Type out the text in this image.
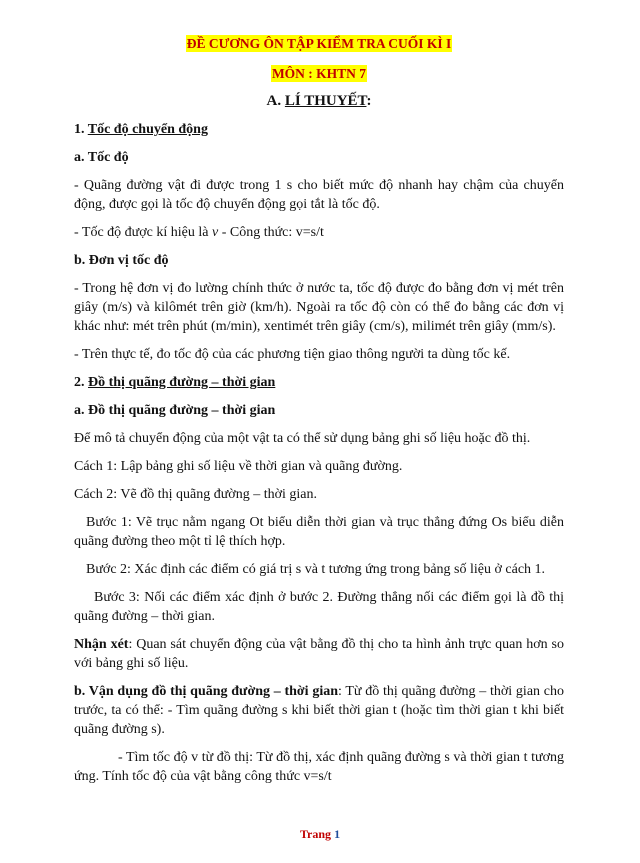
ĐỀ CƯƠNG ÔN TẬP KIỂM TRA CUỐI KÌ I
MÔN : KHTN 7
A. LÍ THUYẾT:

1. Tốc độ chuyển động

a. Tốc độ

- Quãng đường vật đi được trong 1 s cho biết mức độ nhanh hay chậm của chuyển động, được gọi là tốc độ chuyển động gọi tắt là tốc độ.

- Tốc độ được kí hiệu là v - Công thức: v=s/t

b. Đơn vị tốc độ

- Trong hệ đơn vị đo lường chính thức ở nước ta, tốc độ được đo bằng đơn vị mét trên giây (m/s) và kilômét trên giờ (km/h). Ngoài ra tốc độ còn có thể đo bằng các đơn vị khác như: mét trên phút (m/min), xentimét trên giây (cm/s), milimét trên giây (mm/s).

- Trên thực tế, đo tốc độ của các phương tiện giao thông người ta dùng tốc kế.

2. Đồ thị quãng đường – thời gian

a. Đồ thị quãng đường – thời gian

Để mô tả chuyển động của một vật ta có thể sử dụng bảng ghi số liệu hoặc đồ thị.

Cách 1: Lập bảng ghi số liệu về thời gian và quãng đường.

Cách 2: Vẽ đồ thị quãng đường – thời gian.

Bước 1: Vẽ trục nằm ngang Ot biểu diễn thời gian và trục thẳng đứng Os biểu diễn quãng đường theo một tỉ lệ thích hợp.

Bước 2: Xác định các điểm có giá trị s và t tương ứng trong bảng số liệu ở cách 1.

Bước 3: Nối các điểm xác định ở bước 2. Đường thẳng nối các điểm gọi là đồ thị quãng đường – thời gian.

Nhận xét: Quan sát chuyển động của vật bằng đồ thị cho ta hình ảnh trực quan hơn so với bảng ghi số liệu.

b. Vận dụng đồ thị quãng đường – thời gian: Từ đồ thị quãng đường – thời gian cho trước, ta có thể: - Tìm quãng đường s khi biết thời gian t (hoặc tìm thời gian t khi biết quãng đường s).

- Tìm tốc độ v từ đồ thị: Từ đồ thị, xác định quãng đường s và thời gian t tương ứng. Tính tốc độ của vật bằng công thức v=s/t

Trang 1
